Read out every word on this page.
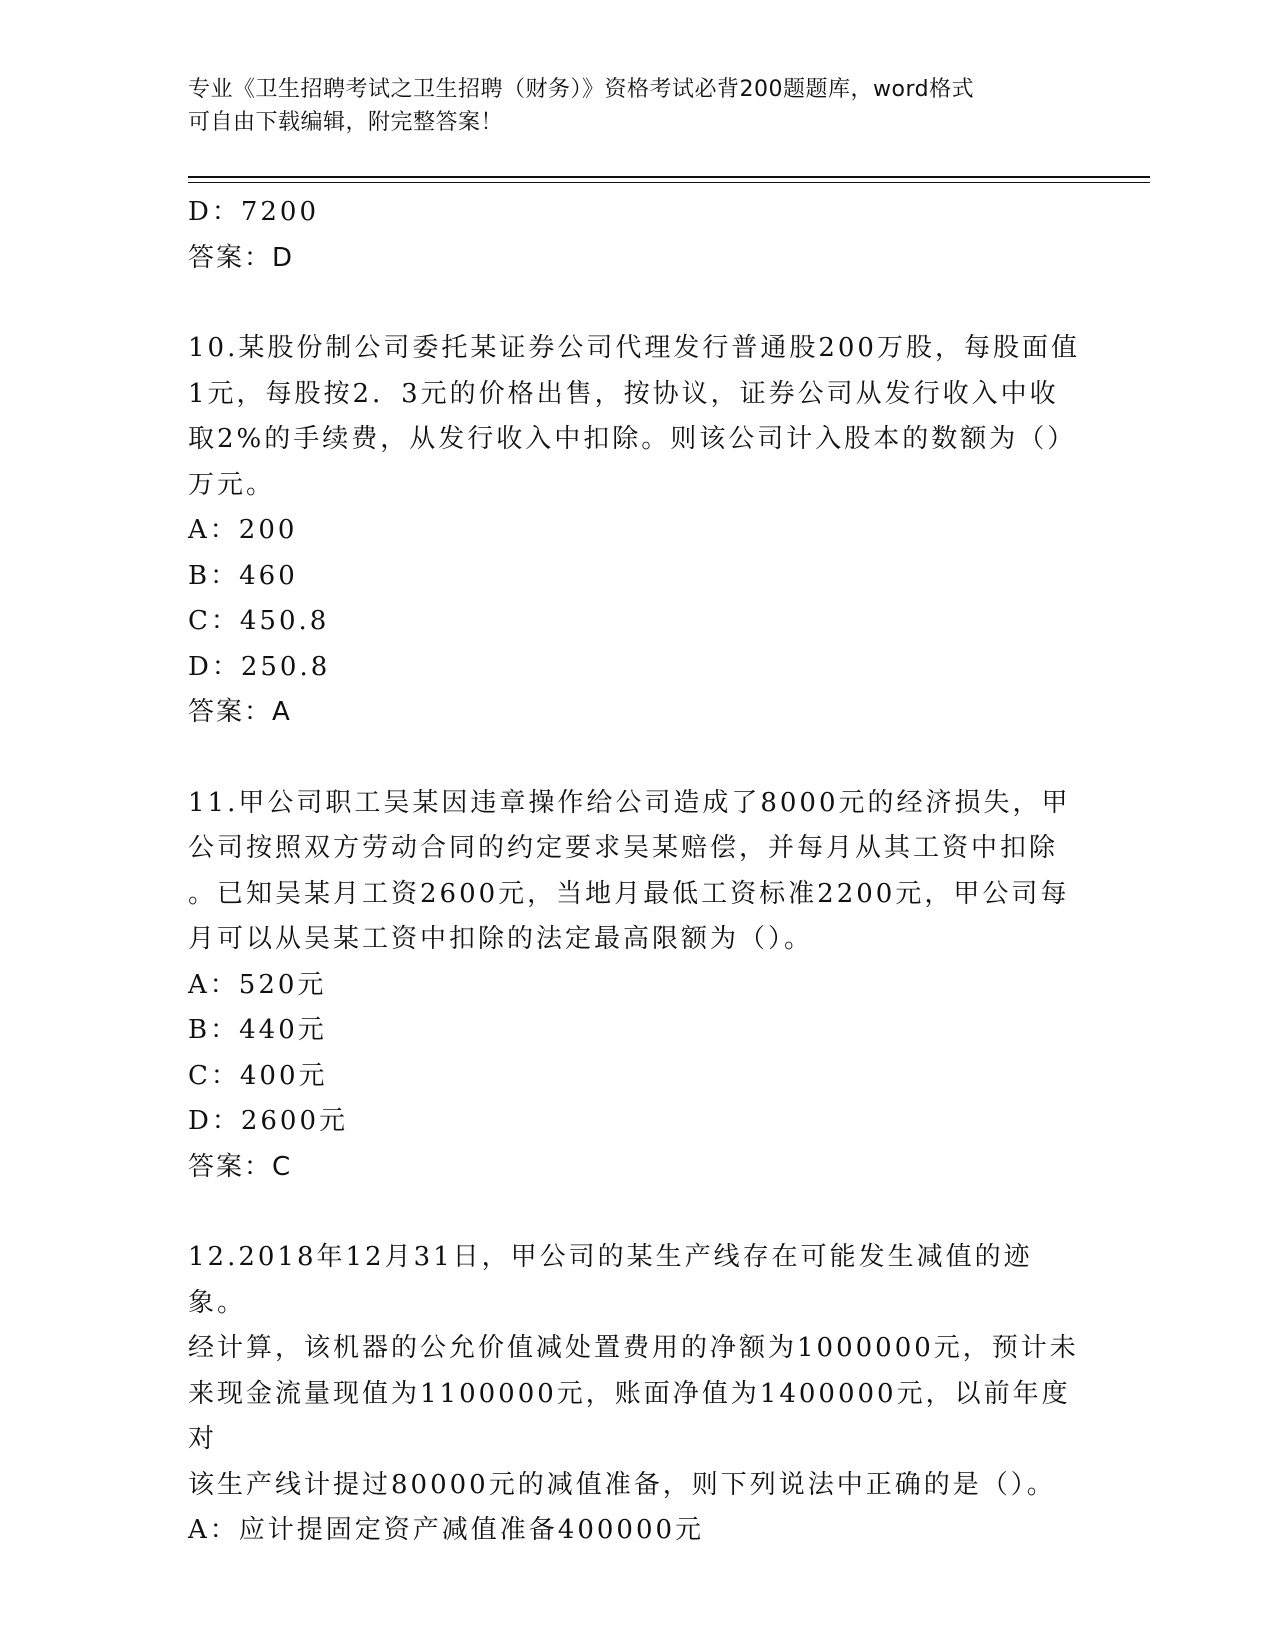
专业《卫生招聘考试之卫生招聘（财务）》资格考试必背200题题库，word格式
可自由下载编辑，附完整答案！

D：7200

答案：D

10.某股份制公司委托某证券公司代理发行普通股200万股，每股面值

1元，每股按2．3元的价格出售，按协议，证券公司从发行收入中收

取2%的手续费，从发行收入中扣除。则该公司计入股本的数额为（）

万元。

A：200

B：460

C：450.8

D：250.8

答案：A

11.甲公司职工吴某因违章操作给公司造成了8000元的经济损失，甲

公司按照双方劳动合同的约定要求吴某赔偿，并每月从其工资中扣除

。已知吴某月工资2600元，当地月最低工资标准2200元，甲公司每

月可以从吴某工资中扣除的法定最高限额为（）。

A：520元

B：440元

C：400元

D：2600元

答案：C

12.2018年12月31日，甲公司的某生产线存在可能发生减值的迹象。

经计算，该机器的公允价值减处置费用的净额为1000000元，预计未

来现金流量现值为1100000元，账面净值为1400000元，以前年度对

该生产线计提过80000元的减值准备，则下列说法中正确的是（）。

A：应计提固定资产减值准备400000元
